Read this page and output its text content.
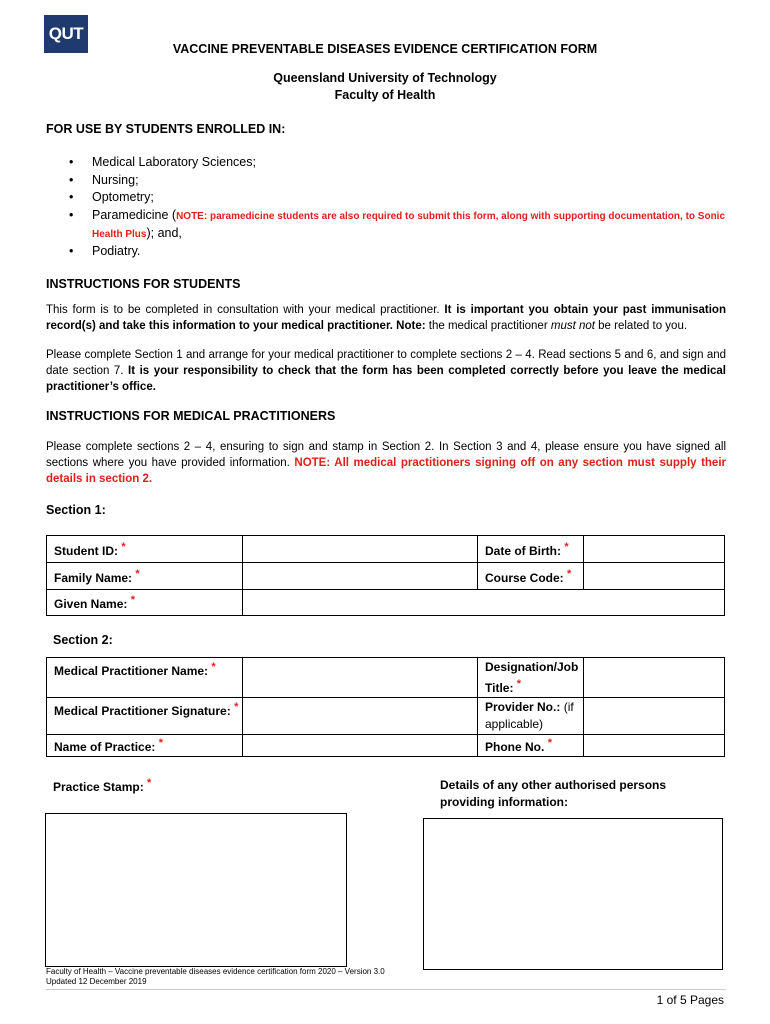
QUT
VACCINE PREVENTABLE DISEASES EVIDENCE CERTIFICATION FORM
Queensland University of Technology
Faculty of Health
FOR USE BY STUDENTS ENROLLED IN:
• Medical Laboratory Sciences;
• Nursing;
• Optometry;
• Paramedicine (NOTE: paramedicine students are also required to submit this form, along with supporting documentation, to Sonic Health Plus); and,
• Podiatry.
INSTRUCTIONS FOR STUDENTS
This form is to be completed in consultation with your medical practitioner. It is important you obtain your past immunisation record(s) and take this information to your medical practitioner. Note: the medical practitioner must not be related to you.
Please complete Section 1 and arrange for your medical practitioner to complete sections 2 – 4. Read sections 5 and 6, and sign and date section 7. It is your responsibility to check that the form has been completed correctly before you leave the medical practitioner’s office.
INSTRUCTIONS FOR MEDICAL PRACTITIONERS
Please complete sections 2 – 4, ensuring to sign and stamp in Section 2. In Section 3 and 4, please ensure you have signed all sections where you have provided information. NOTE: All medical practitioners signing off on any section must supply their details in section 2.
Section 1:
Student ID: *		Date of Birth: *	
Family Name: *		Course Code: *	
Given Name: *			
Section 2:
Medical Practitioner Name: *		Designation/Job Title: *	
Medical Practitioner Signature: *		Provider No.: (if applicable)	
Name of Practice: *		Phone No. *	
Practice Stamp: *	Details of any other authorised persons providing information:
Faculty of Health – Vaccine preventable diseases evidence certification form 2020 – Version 3.0
Updated 12 December 2019
1 of 5 Pages
